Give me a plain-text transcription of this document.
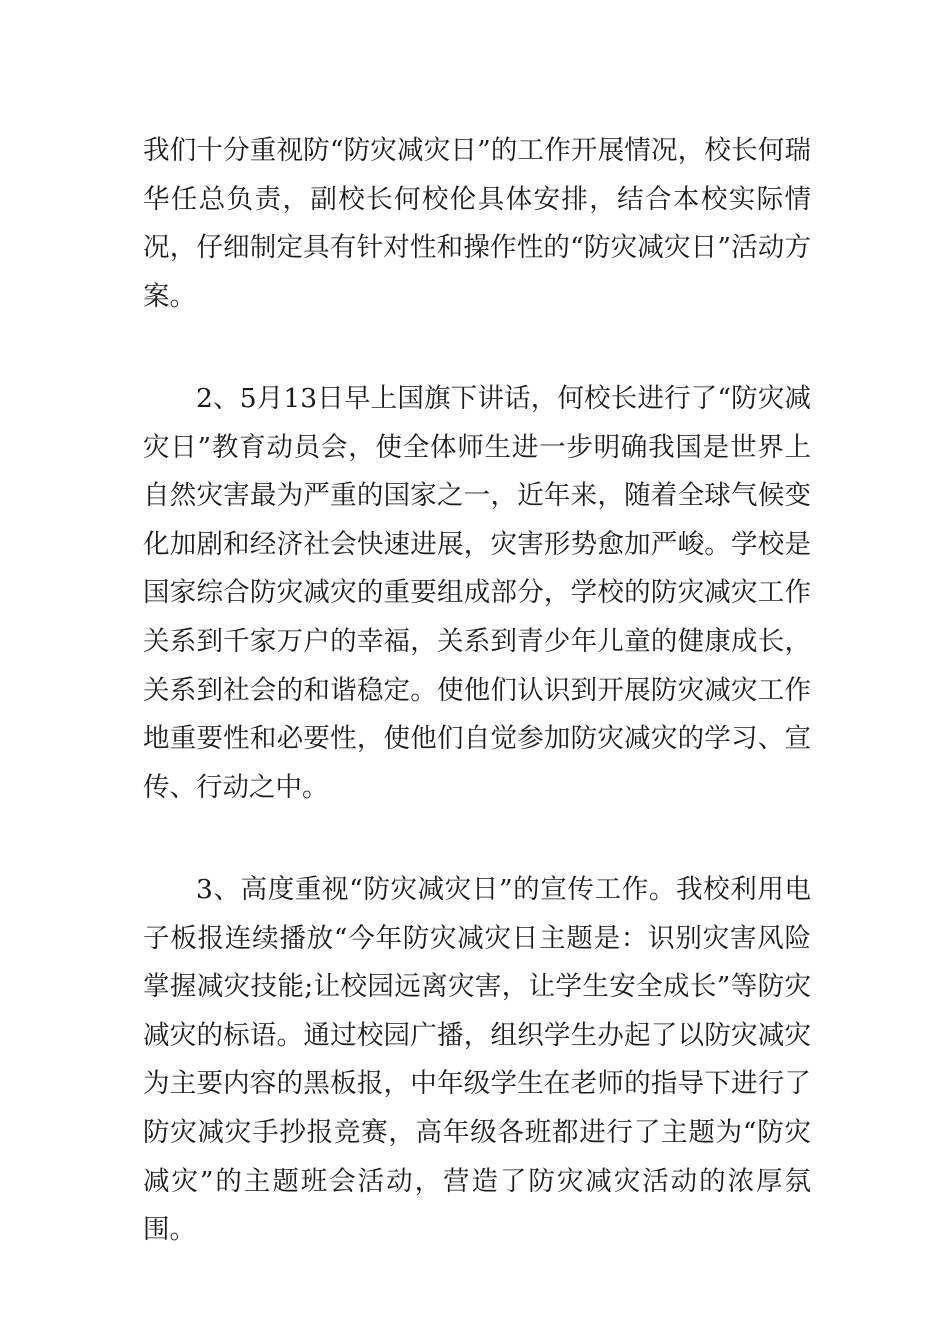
我们十分重视防“防灾减灾日”的工作开展情况，校长何瑞华任总负责，副校长何校伦具体安排，结合本校实际情况，仔细制定具有针对性和操作性的“防灾减灾日”活动方案。

2、5月13日早上国旗下讲话，何校长进行了“防灾减灾日”教育动员会，使全体师生进一步明确我国是世界上自然灾害最为严重的国家之一，近年来，随着全球气候变化加剧和经济社会快速进展，灾害形势愈加严峻。学校是国家综合防灾减灾的重要组成部分，学校的防灾减灾工作关系到千家万户的幸福，关系到青少年儿童的健康成长，关系到社会的和谐稳定。使他们认识到开展防灾减灾工作地重要性和必要性，使他们自觉参加防灾减灾的学习、宣传、行动之中。

3、高度重视“防灾减灾日”的宣传工作。我校利用电子板报连续播放“今年防灾减灾日主题是：识别灾害风险掌握减灾技能;让校园远离灾害，让学生安全成长”等防灾减灾的标语。通过校园广播，组织学生办起了以防灾减灾为主要内容的黑板报，中年级学生在老师的指导下进行了防灾减灾手抄报竞赛，高年级各班都进行了主题为“防灾减灾”的主题班会活动，营造了防灾减灾活动的浓厚氛围。
